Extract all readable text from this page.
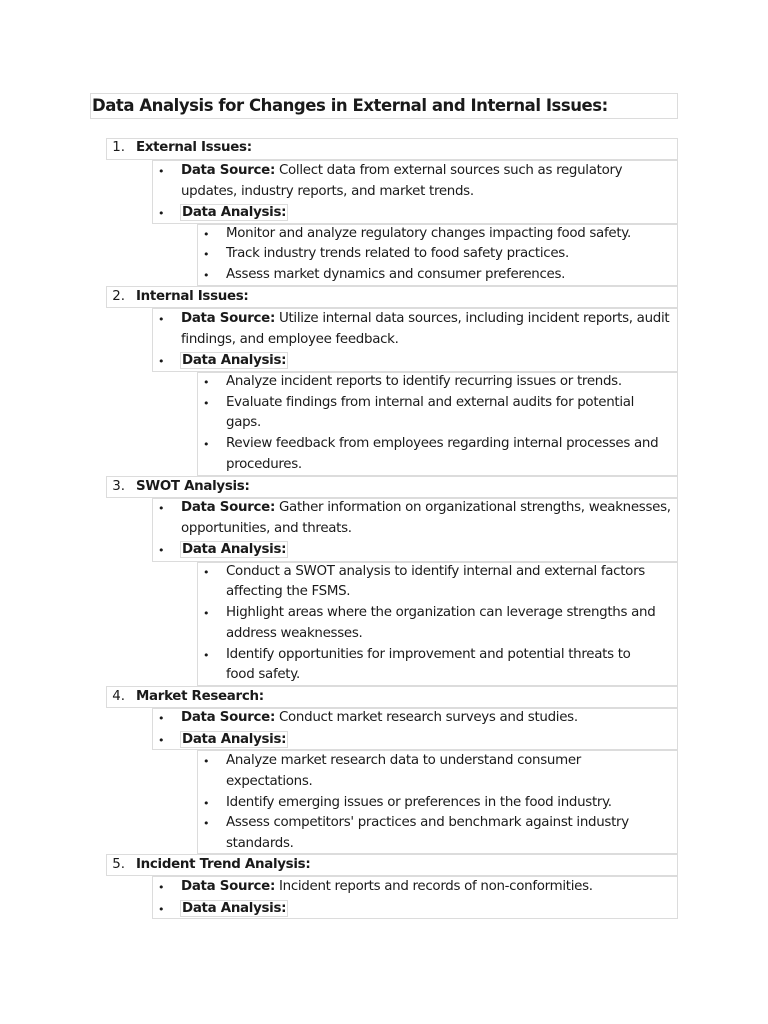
Data Analysis for Changes in External and Internal Issues:
1. External Issues:
• Data Source: Collect data from external sources such as regulatory
updates, industry reports, and market trends.
• Data Analysis:
• Monitor and analyze regulatory changes impacting food safety.
• Track industry trends related to food safety practices.
• Assess market dynamics and consumer preferences.
2. Internal Issues:
• Data Source: Utilize internal data sources, including incident reports, audit
findings, and employee feedback.
• Data Analysis:
• Analyze incident reports to identify recurring issues or trends.
• Evaluate findings from internal and external audits for potential
gaps.
• Review feedback from employees regarding internal processes and
procedures.
3. SWOT Analysis:
• Data Source: Gather information on organizational strengths, weaknesses,
opportunities, and threats.
• Data Analysis:
• Conduct a SWOT analysis to identify internal and external factors
affecting the FSMS.
• Highlight areas where the organization can leverage strengths and
address weaknesses.
• Identify opportunities for improvement and potential threats to
food safety.
4. Market Research:
• Data Source: Conduct market research surveys and studies.
• Data Analysis:
• Analyze market research data to understand consumer
expectations.
• Identify emerging issues or preferences in the food industry.
• Assess competitors' practices and benchmark against industry
standards.
5. Incident Trend Analysis:
• Data Source: Incident reports and records of non-conformities.
• Data Analysis:
